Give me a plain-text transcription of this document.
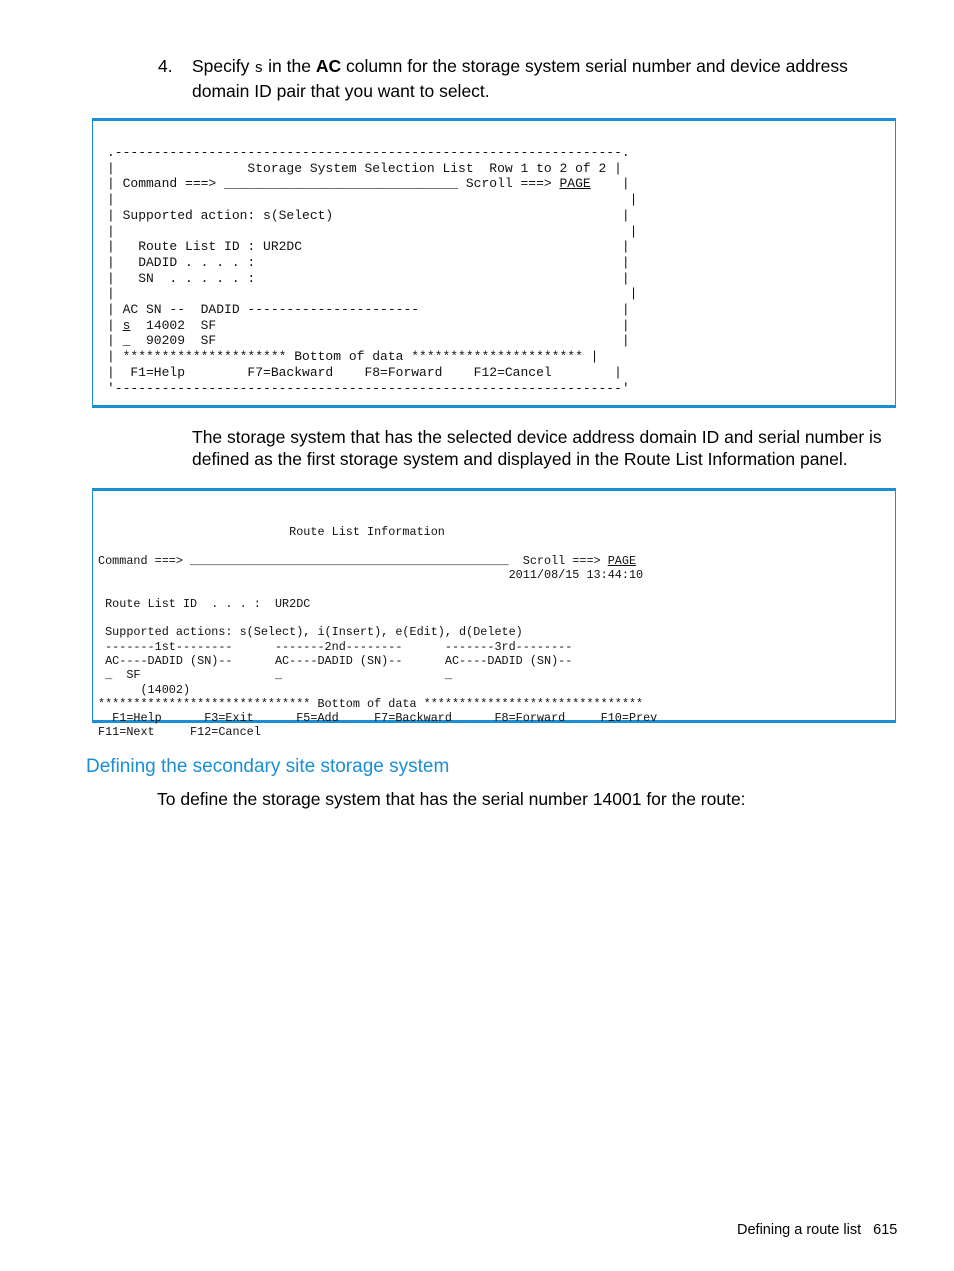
4. Specify s in the AC column for the storage system serial number and device address domain ID pair that you want to select.
.-----------------------------------------------------------------.
|                 Storage System Selection List  Row 1 to 2 of 2 |
| Command ===> ______________________________ Scroll ===> PAGE    |
|                                                                  |
| Supported action: s(Select)                                     |
|                                                                  |
|   Route List ID : UR2DC                                         |
|   DADID . . . . :                                               |
|   SN  . . . . . :                                               |
|                                                                  |
| AC SN --  DADID ----------------------                          |
| s  14002  SF                                                    |
| _  90209  SF                                                    |
| ********************* Bottom of data ********************** |
|  F1=Help        F7=Backward    F8=Forward    F12=Cancel        |
'-----------------------------------------------------------------'
The storage system that has the selected device address domain ID and serial number is defined as the first storage system and displayed in the Route List Information panel.

Route List Information

Command ===> _____________________________________________  Scroll ===> PAGE
2011/08/15 13:44:10

Route List ID  . . . :  UR2DC

Supported actions: s(Select), i(Insert), e(Edit), d(Delete)
-------1st--------      -------2nd--------      -------3rd--------
AC----DADID (SN)--      AC----DADID (SN)--      AC----DADID (SN)--
_  SF                   _                       _
(14002)
****************************** Bottom of data *******************************
F1=Help      F3=Exit      F5=Add     F7=Backward      F8=Forward     F10=Prev
F11=Next     F12=Cancel
Defining the secondary site storage system
To define the storage system that has the serial number 14001 for the route:
Defining a route list 615
